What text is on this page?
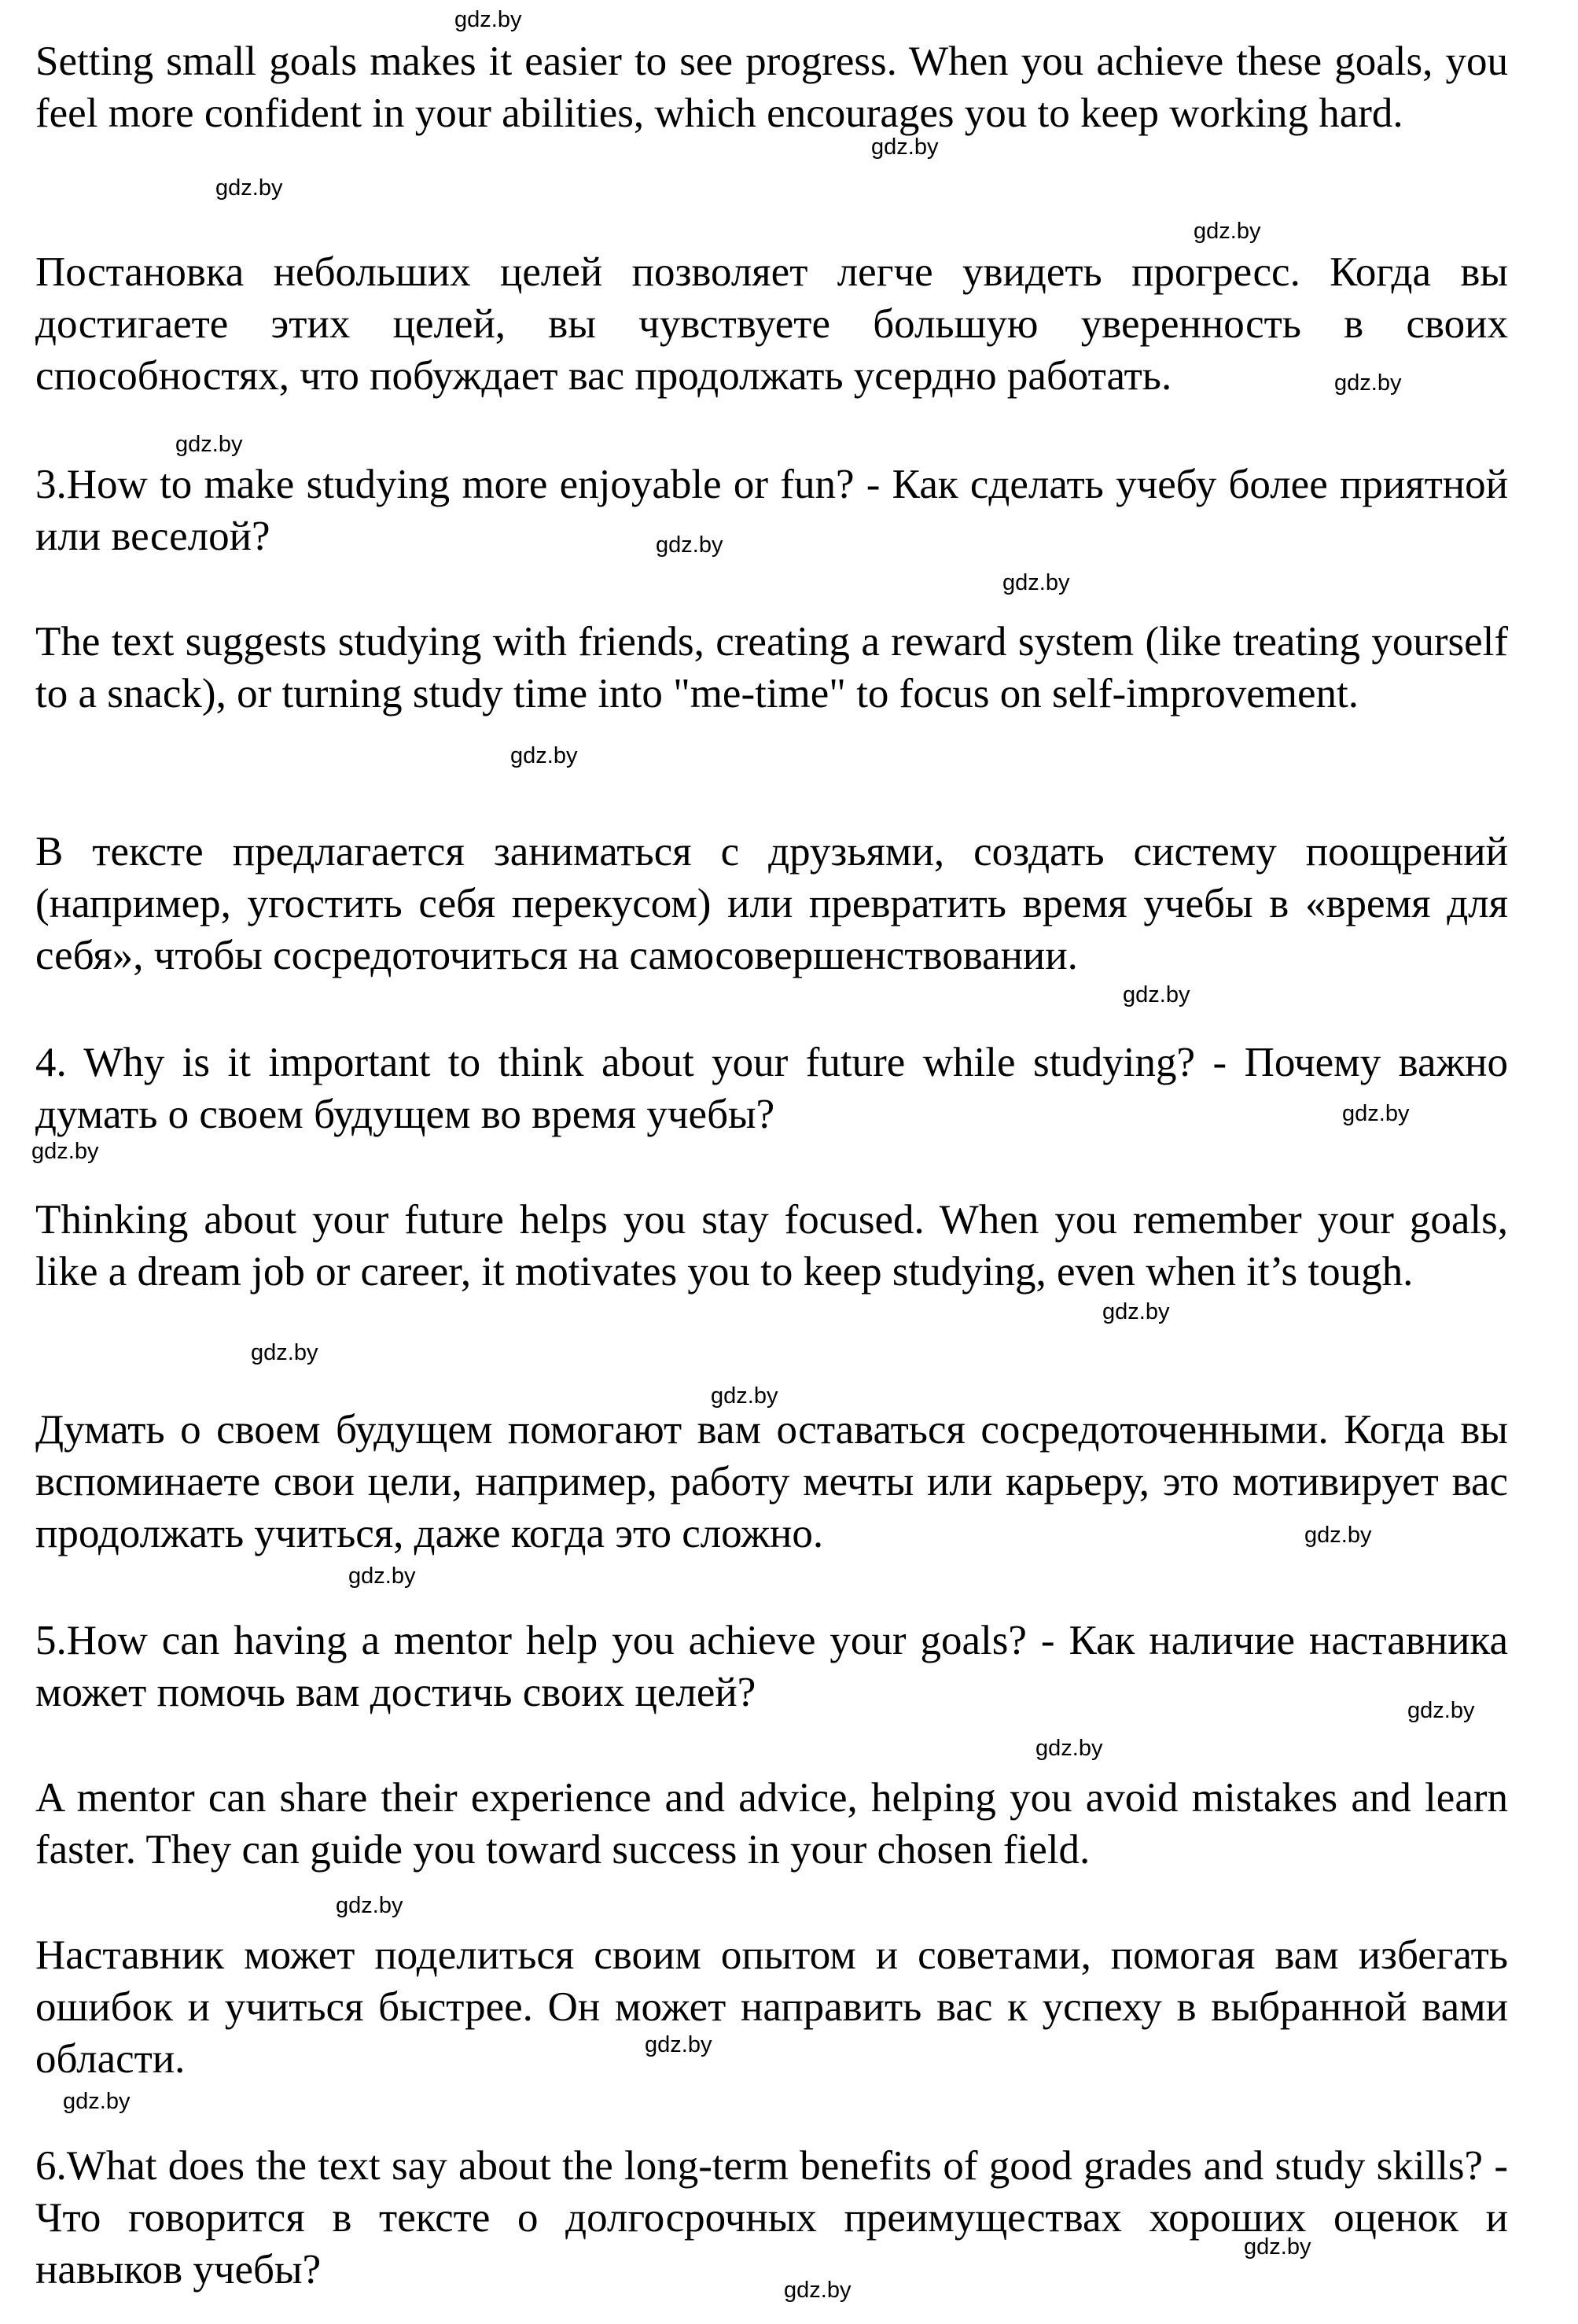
Setting small goals makes it easier to see progress. When you achieve these goals, you feel more confident in your abilities, which encourages you to keep working hard.

Постановка небольших целей позволяет легче увидеть прогресс. Когда вы достигаете этих целей, вы чувствуете большую уверенность в своих способностях, что побуждает вас продолжать усердно работать.

3.How to make studying more enjoyable or fun? - Как сделать учебу более приятной или веселой?

The text suggests studying with friends, creating a reward system (like treating yourself to a snack), or turning study time into "me-time" to focus on self-improvement.

В тексте предлагается заниматься с друзьями, создать систему поощрений (например, угостить себя перекусом) или превратить время учебы в «время для себя», чтобы сосредоточиться на самосовершенствовании.

4. Why is it important to think about your future while studying? - Почему важно думать о своем будущем во время учебы?

Thinking about your future helps you stay focused. When you remember your goals, like a dream job or career, it motivates you to keep studying, even when it’s tough.

Думать о своем будущем помогают вам оставаться сосредоточенными. Когда вы вспоминаете свои цели, например, работу мечты или карьеру, это мотивирует вас продолжать учиться, даже когда это сложно.

5.How can having a mentor help you achieve your goals? - Как наличие наставника может помочь вам достичь своих целей?

A mentor can share their experience and advice, helping you avoid mistakes and learn faster. They can guide you toward success in your chosen field.

Наставник может поделиться своим опытом и советами, помогая вам избегать ошибок и учиться быстрее. Он может направить вас к успеху в выбранной вами области.

6.What does the text say about the long-term benefits of good grades and study skills? - Что говорится в тексте о долгосрочных преимуществах хороших оценок и навыков учебы?

gdz.by
gdz.by
gdz.by
gdz.by
gdz.by
gdz.by
gdz.by
gdz.by
gdz.by
gdz.by
gdz.by
gdz.by
gdz.by
gdz.by
gdz.by
gdz.by
gdz.by
gdz.by
gdz.by
gdz.by
gdz.by
gdz.by
gdz.by
gdz.by
